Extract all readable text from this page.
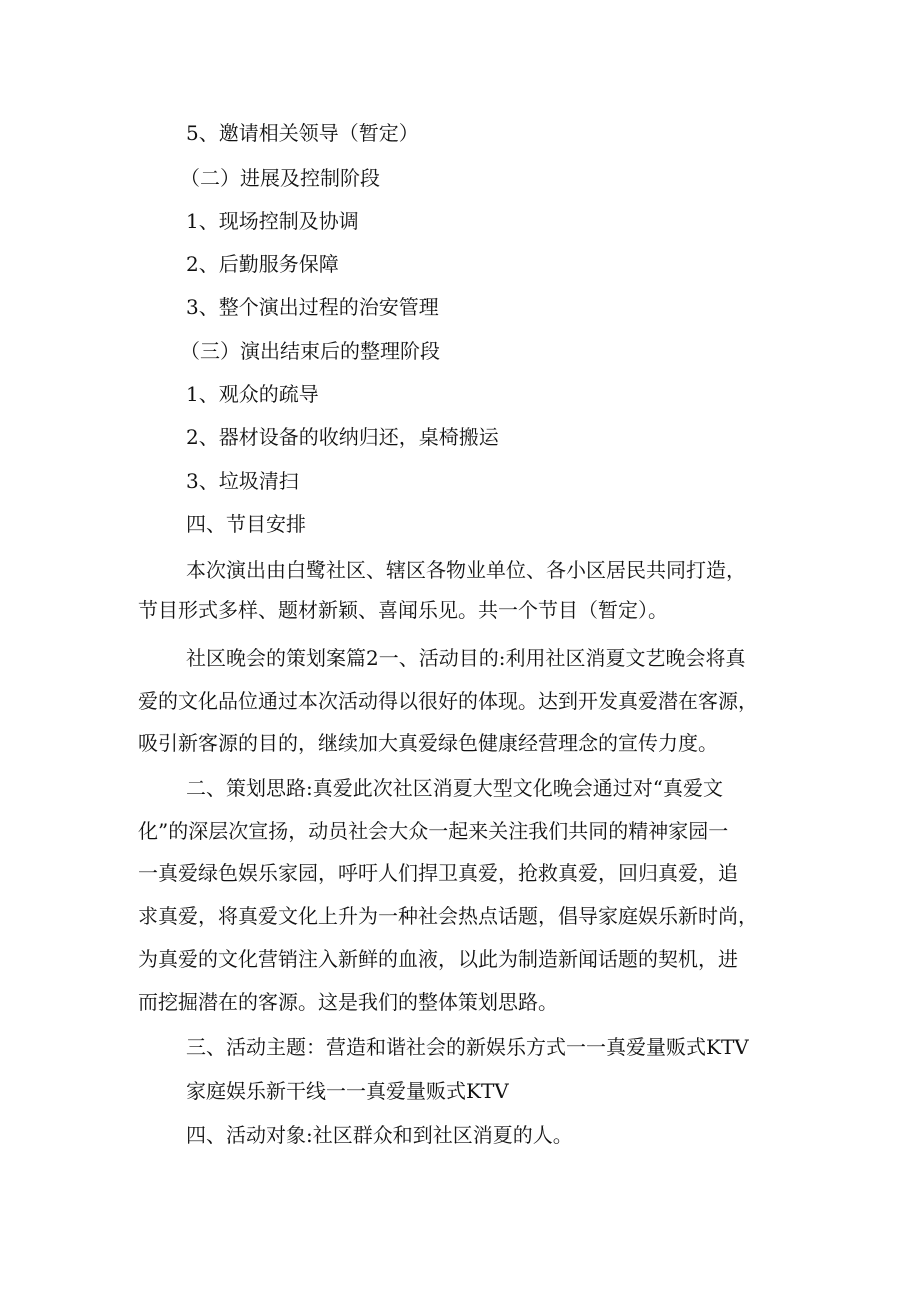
5、邀请相关领导（暂定）
（二）进展及控制阶段
1、现场控制及协调
2、后勤服务保障
3、整个演出过程的治安管理
（三）演出结束后的整理阶段
1、观众的疏导
2、器材设备的收纳归还，桌椅搬运
3、垃圾清扫
四、节目安排
本次演出由白鹭社区、辖区各物业单位、各小区居民共同打造，
节目形式多样、题材新颖、喜闻乐见。共一个节目（暂定）。
社区晚会的策划案篇2一、活动目的:利用社区消夏文艺晚会将真
爱的文化品位通过本次活动得以很好的体现。达到开发真爱潜在客源，
吸引新客源的目的，继续加大真爱绿色健康经营理念的宣传力度。
二、策划思路:真爱此次社区消夏大型文化晚会通过对“真爱文
化”的深层次宣扬，动员社会大众一起来关注我们共同的精神家园一
一真爱绿色娱乐家园，呼吁人们捍卫真爱，抢救真爱，回归真爱，追
求真爱，将真爱文化上升为一种社会热点话题，倡导家庭娱乐新时尚，
为真爱的文化营销注入新鲜的血液，以此为制造新闻话题的契机，进
而挖掘潜在的客源。这是我们的整体策划思路。
三、活动主题：营造和谐社会的新娱乐方式一一真爱量贩式KTV
家庭娱乐新干线一一真爱量贩式KTV
四、活动对象:社区群众和到社区消夏的人。
